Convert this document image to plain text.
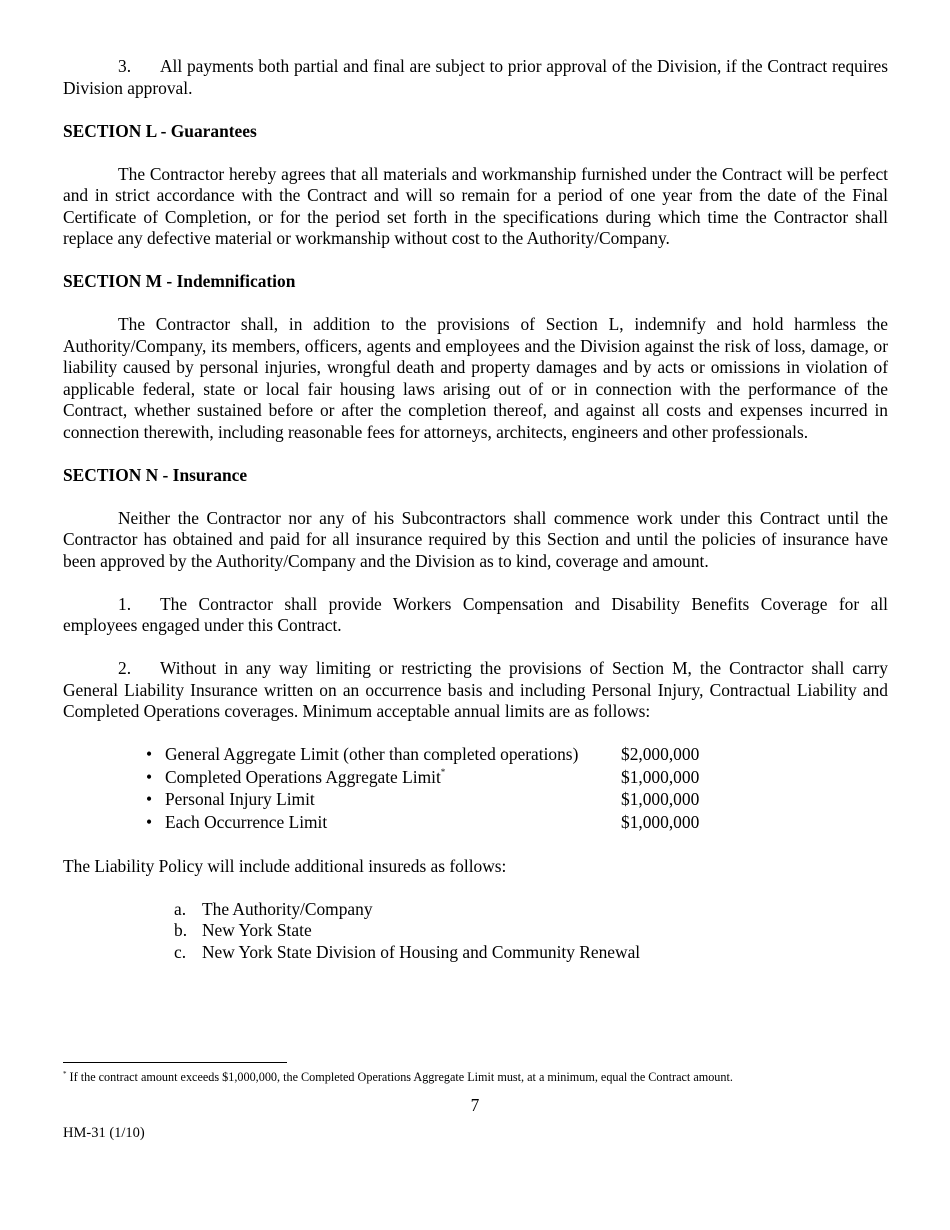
3. All payments both partial and final are subject to prior approval of the Division, if the Contract requires Division approval.

SECTION L - Guarantees

The Contractor hereby agrees that all materials and workmanship furnished under the Contract will be perfect and in strict accordance with the Contract and will so remain for a period of one year from the date of the Final Certificate of Completion, or for the period set forth in the specifications during which time the Contractor shall replace any defective material or workmanship without cost to the Authority/Company.

SECTION M - Indemnification

The Contractor shall, in addition to the provisions of Section L, indemnify and hold harmless the Authority/Company, its members, officers, agents and employees and the Division against the risk of loss, damage, or liability caused by personal injuries, wrongful death and property damages and by acts or omissions in violation of applicable federal, state or local fair housing laws arising out of or in connection with the performance of the Contract, whether sustained before or after the completion thereof, and against all costs and expenses incurred in connection therewith, including reasonable fees for attorneys, architects, engineers and other professionals.

SECTION N - Insurance

Neither the Contractor nor any of his Subcontractors shall commence work under this Contract until the Contractor has obtained and paid for all insurance required by this Section and until the policies of insurance have been approved by the Authority/Company and the Division as to kind, coverage and amount.

1. The Contractor shall provide Workers Compensation and Disability Benefits Coverage for all employees engaged under this Contract.

2. Without in any way limiting or restricting the provisions of Section M, the Contractor shall carry General Liability Insurance written on an occurrence basis and including Personal Injury, Contractual Liability and Completed Operations coverages. Minimum acceptable annual limits are as follows:

• General Aggregate Limit (other than completed operations)	$2,000,000
• Completed Operations Aggregate Limit*	$1,000,000
• Personal Injury Limit	$1,000,000
• Each Occurrence Limit	$1,000,000

The Liability Policy will include additional insureds as follows:

a. The Authority/Company
b. New York State
c. New York State Division of Housing and Community Renewal
* If the contract amount exceeds $1,000,000, the Completed Operations Aggregate Limit must, at a minimum, equal the Contract amount.
7
HM-31 (1/10)
